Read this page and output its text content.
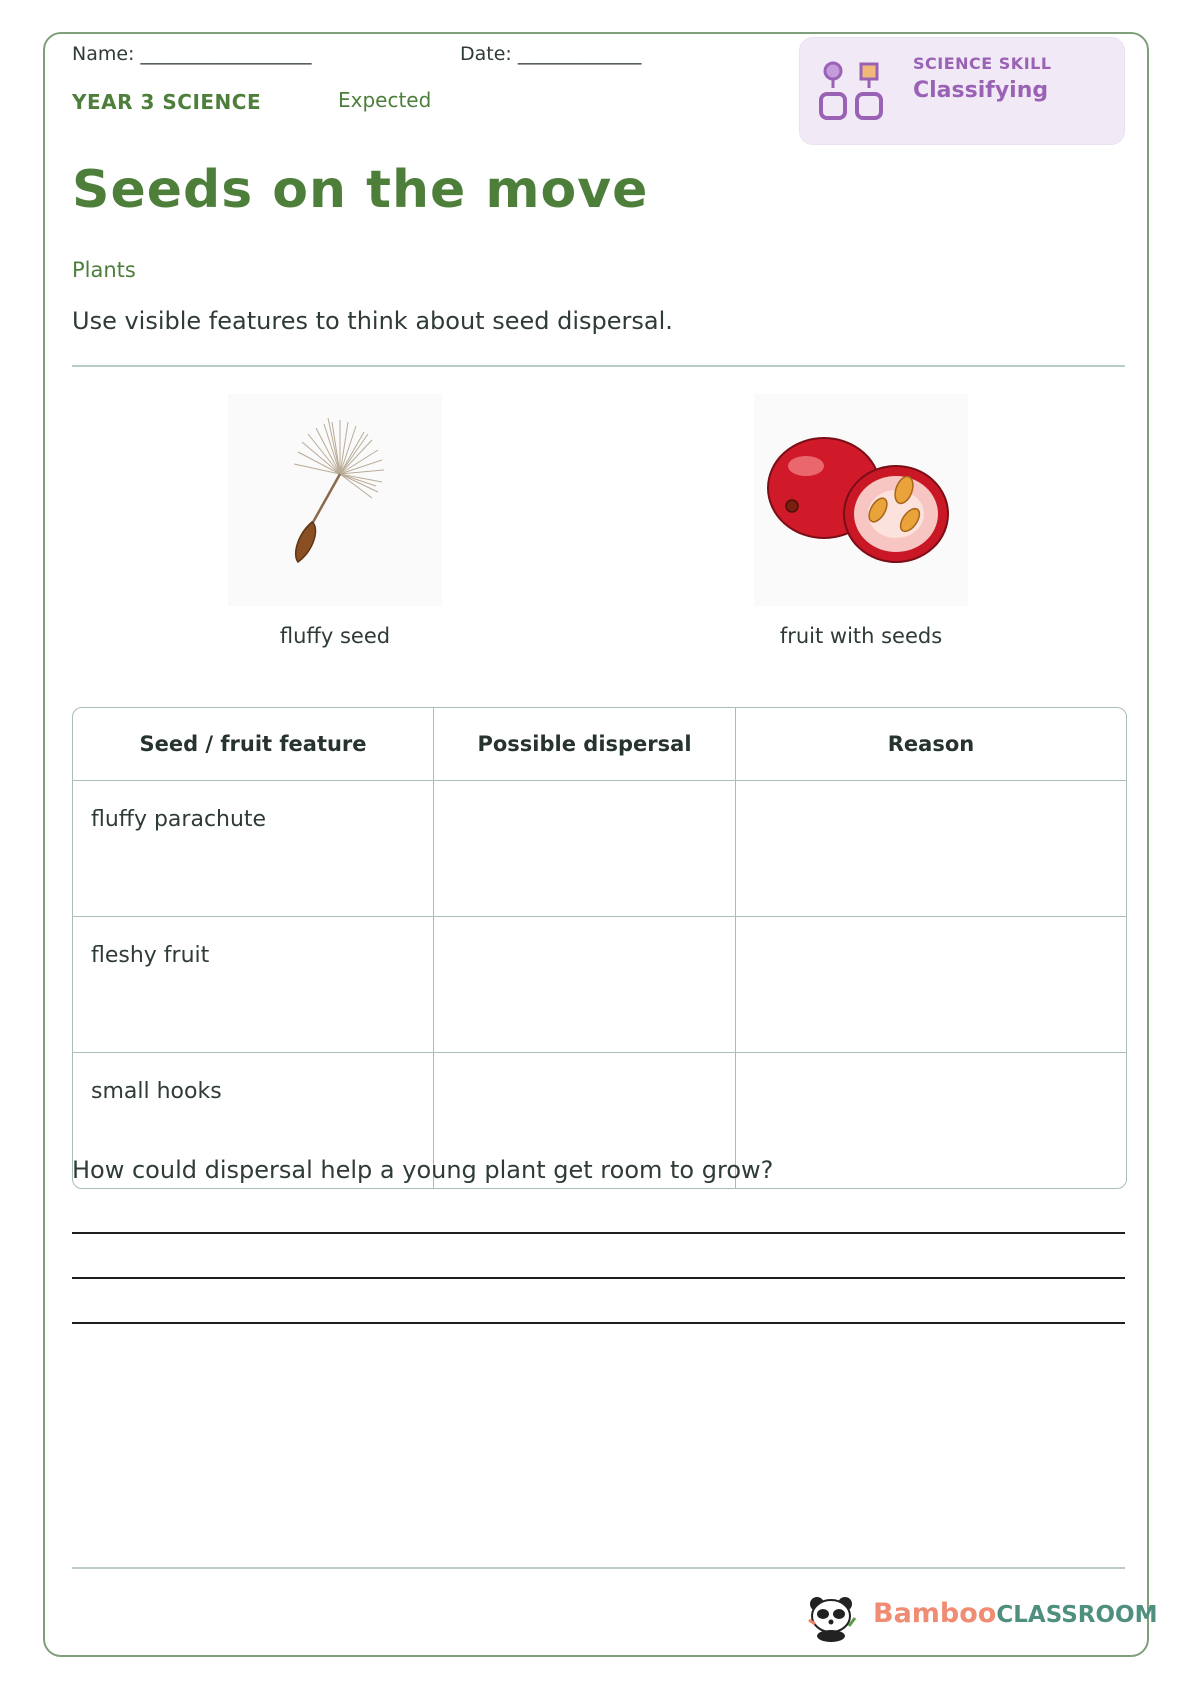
Name: __________________	Date: _____________
YEAR 3 SCIENCE	Expected
SCIENCE SKILL
Classifying
Seeds on the move
Plants
Use visible features to think about seed dispersal.
fluffy seed	fruit with seeds
Seed / fruit feature	Possible dispersal	Reason
fluffy parachute		
fleshy fruit		
small hooks		
How could dispersal help a young plant get room to grow?
BambooCLASSROOM
